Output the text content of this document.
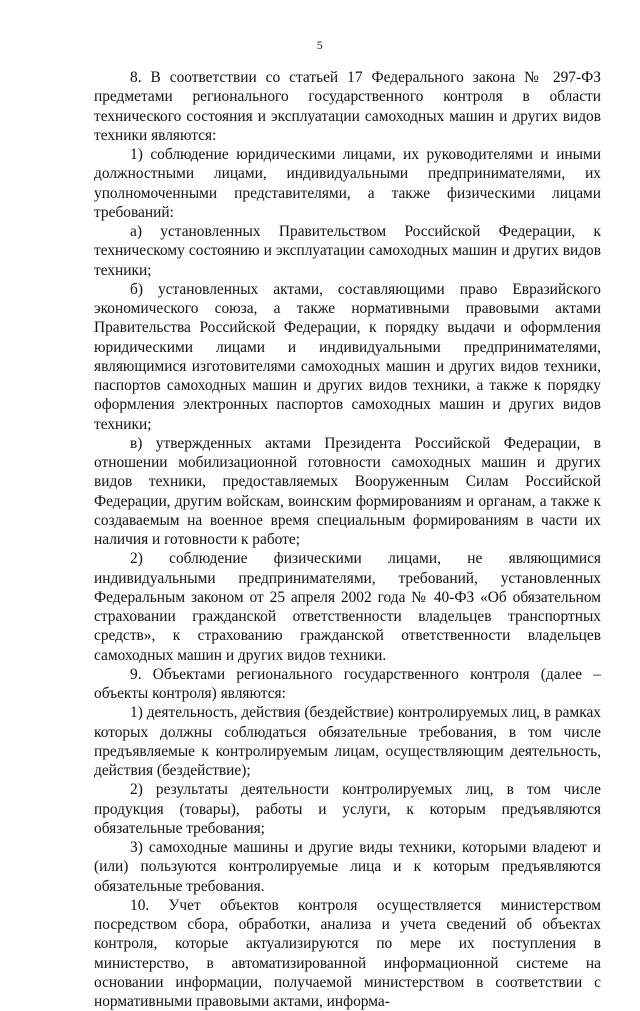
5

8. В соответствии со статьей 17 Федерального закона № 297-ФЗ предметами регионального государственного контроля в области технического состояния и эксплуатации самоходных машин и других видов техники являются:

1) соблюдение юридическими лицами, их руководителями и иными должностными лицами, индивидуальными предпринимателями, их уполномоченными представителями, а также физическими лицами требований:

а) установленных Правительством Российской Федерации, к техническому состоянию и эксплуатации самоходных машин и других видов техники;

б) установленных актами, составляющими право Евразийского экономического союза, а также нормативными правовыми актами Правительства Российской Федерации, к порядку выдачи и оформления юридическими лицами и индивидуальными предпринимателями, являющимися изготовителями самоходных машин и других видов техники, паспортов самоходных машин и других видов техники, а также к порядку оформления электронных паспортов самоходных машин и других видов техники;

в) утвержденных актами Президента Российской Федерации, в отношении мобилизационной готовности самоходных машин и других видов техники, предоставляемых Вооруженным Силам Российской Федерации, другим войскам, воинским формированиям и органам, а также к создаваемым на военное время специальным формированиям в части их наличия и готовности к работе;

2) соблюдение физическими лицами, не являющимися индивидуальными предпринимателями, требований, установленных Федеральным законом от 25 апреля 2002 года № 40-ФЗ «Об обязательном страховании гражданской ответственности владельцев транспортных средств», к страхованию гражданской ответственности владельцев самоходных машин и других видов техники.

9. Объектами регионального государственного контроля (далее – объекты контроля) являются:

1) деятельность, действия (бездействие) контролируемых лиц, в рамках которых должны соблюдаться обязательные требования, в том числе предъявляемые к контролируемым лицам, осуществляющим деятельность, действия (бездействие);

2) результаты деятельности контролируемых лиц, в том числе продукция (товары), работы и услуги, к которым предъявляются обязательные требования;

3) самоходные машины и другие виды техники, которыми владеют и (или) пользуются контролируемые лица и к которым предъявляются обязательные требования.

10. Учет объектов контроля осуществляется министерством посредством сбора, обработки, анализа и учета сведений об объектах контроля, которые актуализируются по мере их поступления в министерство, в автоматизированной информационной системе на основании информации, получаемой министерством в соответствии с нормативными правовыми актами, информа-
